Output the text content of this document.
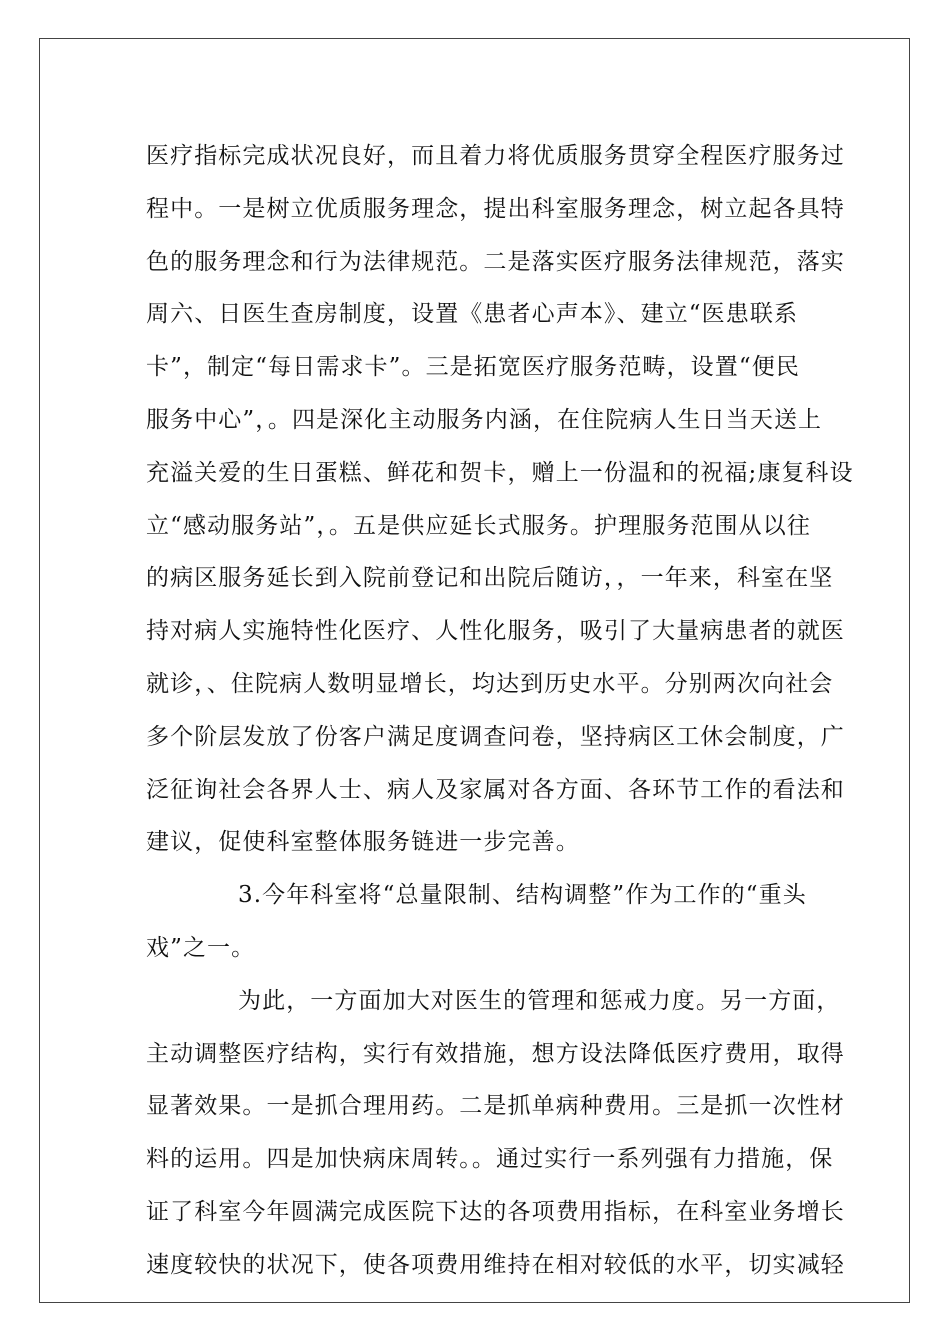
医疗指标完成状况良好，而且着力将优质服务贯穿全程医疗服务过
程中。一是树立优质服务理念，提出科室服务理念，树立起各具特
色的服务理念和行为法律规范。二是落实医疗服务法律规范，落实
周六、日医生查房制度，设置《患者心声本》、建立“医患联系
卡”，制定“每日需求卡”。三是拓宽医疗服务范畴，设置“便民
服务中心”，。四是深化主动服务内涵，在住院病人生日当天送上
充溢关爱的生日蛋糕、鲜花和贺卡，赠上一份温和的祝福;康复科设
立“感动服务站”，。五是供应延长式服务。护理服务范围从以往
的病区服务延长到入院前登记和出院后随访，，一年来，科室在坚
持对病人实施特性化医疗、人性化服务，吸引了大量病患者的就医
就诊，、住院病人数明显增长，均达到历史水平。分别两次向社会
多个阶层发放了份客户满足度调查问卷，坚持病区工休会制度，广
泛征询社会各界人士、病人及家属对各方面、各环节工作的看法和
建议，促使科室整体服务链进一步完善。
3.今年科室将“总量限制、结构调整”作为工作的“重头
戏”之一。
为此，一方面加大对医生的管理和惩戒力度。另一方面，
主动调整医疗结构，实行有效措施，想方设法降低医疗费用，取得
显著效果。一是抓合理用药。二是抓单病种费用。三是抓一次性材
料的运用。四是加快病床周转。。通过实行一系列强有力措施，保
证了科室今年圆满完成医院下达的各项费用指标，在科室业务增长
速度较快的状况下，使各项费用维持在相对较低的水平，切实减轻
